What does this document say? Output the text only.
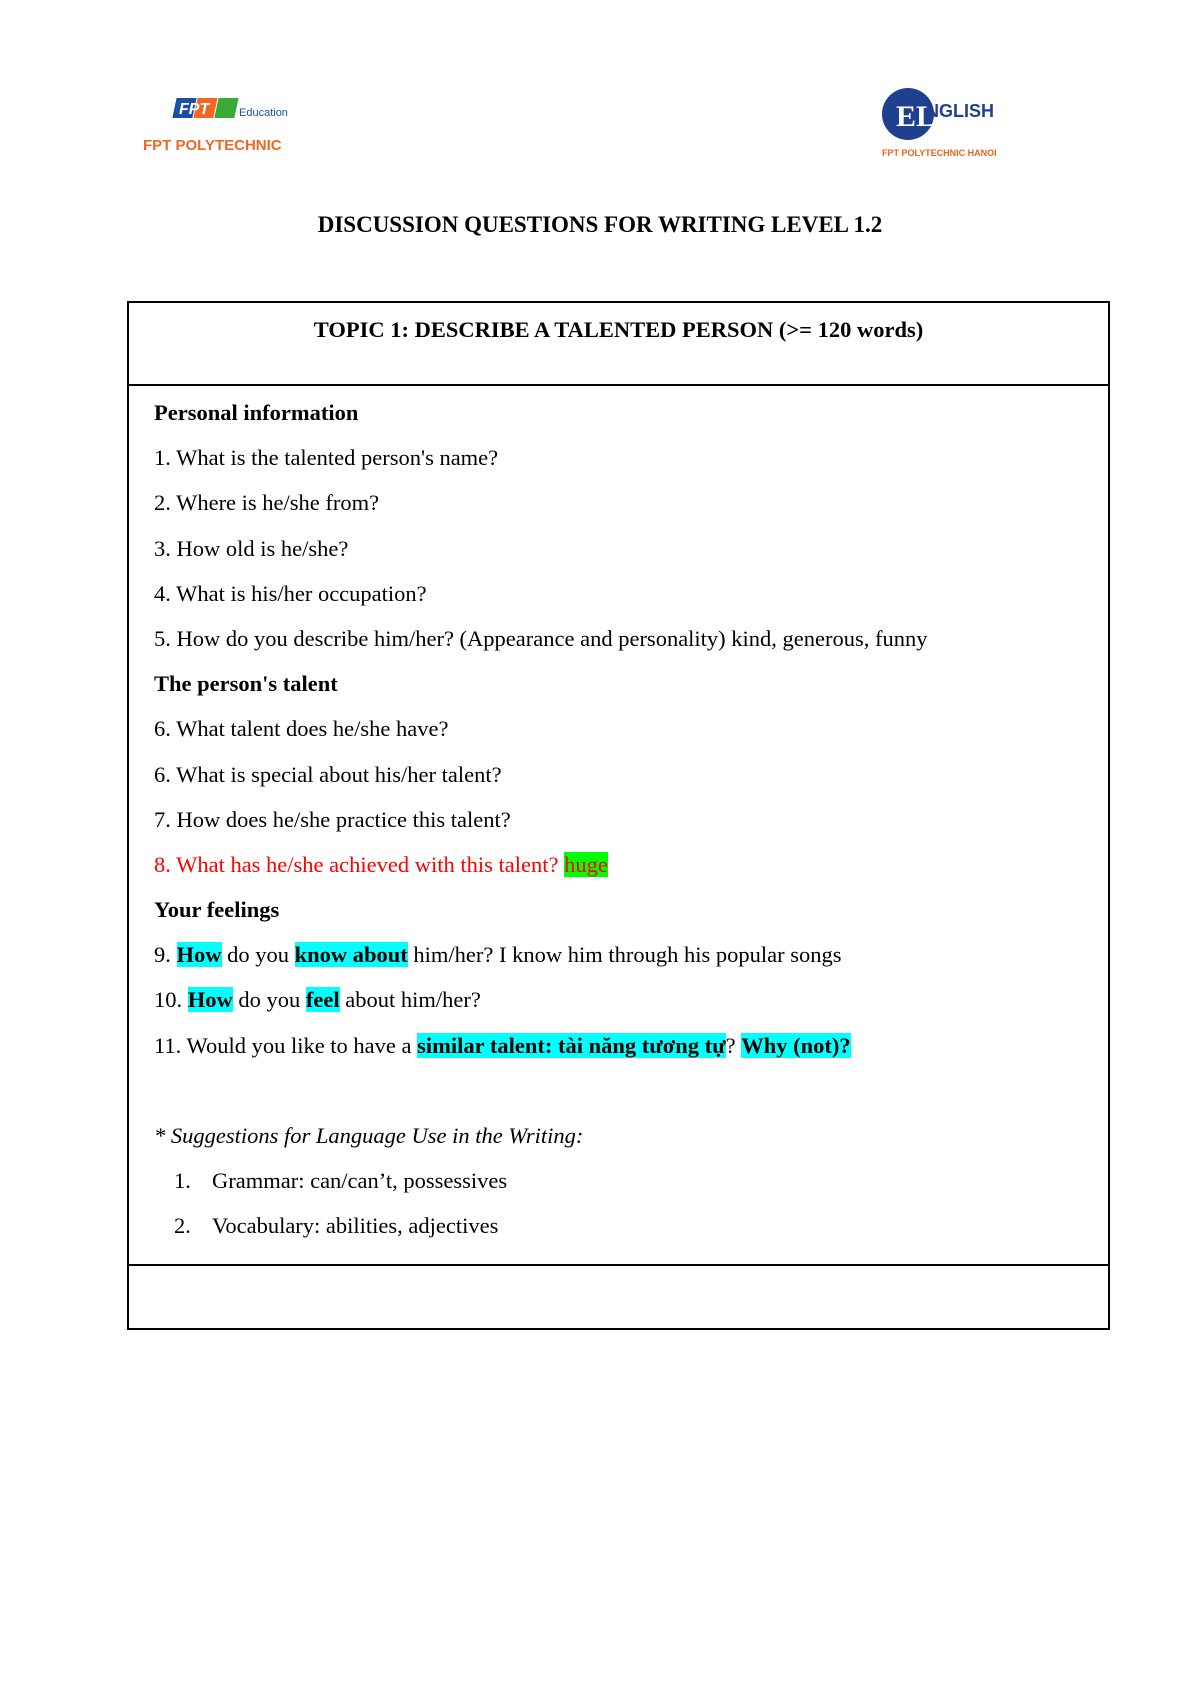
FPT	Education
FPT POLYTECHNIC
EL
NGLISH
FPT POLYTECHNIC HANOI
DISCUSSION QUESTIONS FOR WRITING LEVEL 1.2
TOPIC 1: DESCRIBE A TALENTED PERSON (>= 120 words)
Personal information
1. What is the talented person's name?
2. Where is he/she from?
3. How old is he/she?
4. What is his/her occupation?
5. How do you describe him/her? (Appearance and personality) kind, generous, funny
The person's talent
6. What talent does he/she have?
6. What is special about his/her talent?
7. How does he/she practice this talent?
8. What has he/she achieved with this talent? huge
Your feelings
9. How do you know about him/her? I know him through his popular songs
10. How do you feel about him/her?
11. Would you like to have a similar talent: tài năng tương tự? Why (not)?
* Suggestions for Language Use in the Writing:
1. Grammar: can/can’t, possessives
2. Vocabulary: abilities, adjectives
